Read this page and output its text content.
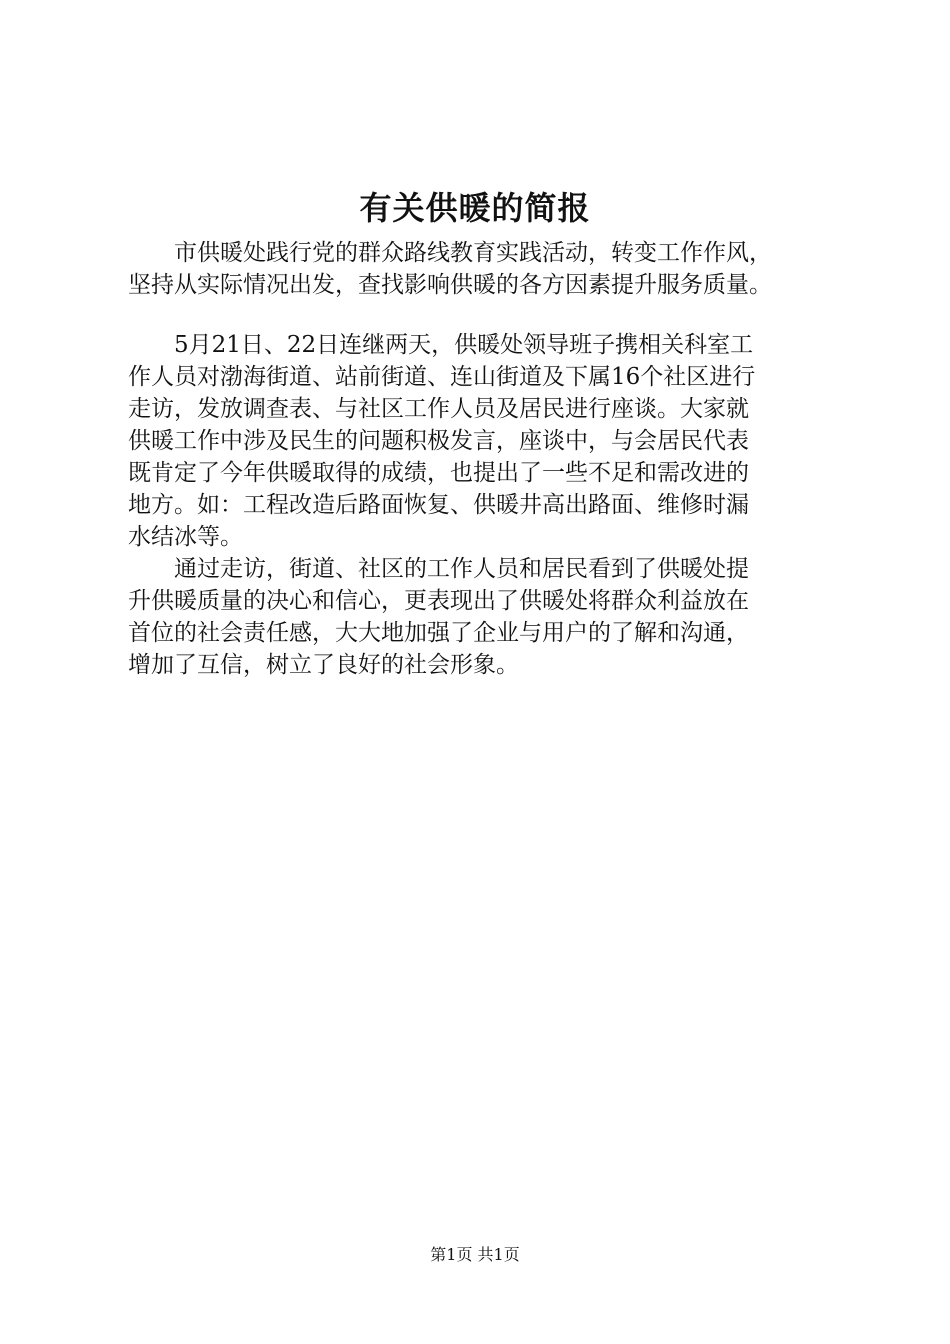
有关供暖的简报

　　市供暖处践行党的群众路线教育实践活动，转变工作作风，

坚持从实际情况出发，查找影响供暖的各方因素提升服务质量。

　　5月21日、22日连继两天，供暖处领导班子携相关科室工

作人员对渤海街道、站前街道、连山街道及下属16个社区进行

走访，发放调查表、与社区工作人员及居民进行座谈。大家就

供暖工作中涉及民生的问题积极发言，座谈中，与会居民代表

既肯定了今年供暖取得的成绩，也提出了一些不足和需改进的

地方。如：工程改造后路面恢复、供暖井高出路面、维修时漏

水结冰等。

　　通过走访，街道、社区的工作人员和居民看到了供暖处提

升供暖质量的决心和信心，更表现出了供暖处将群众利益放在

首位的社会责任感，大大地加强了企业与用户的了解和沟通，

增加了互信，树立了良好的社会形象。

第1页 共1页
